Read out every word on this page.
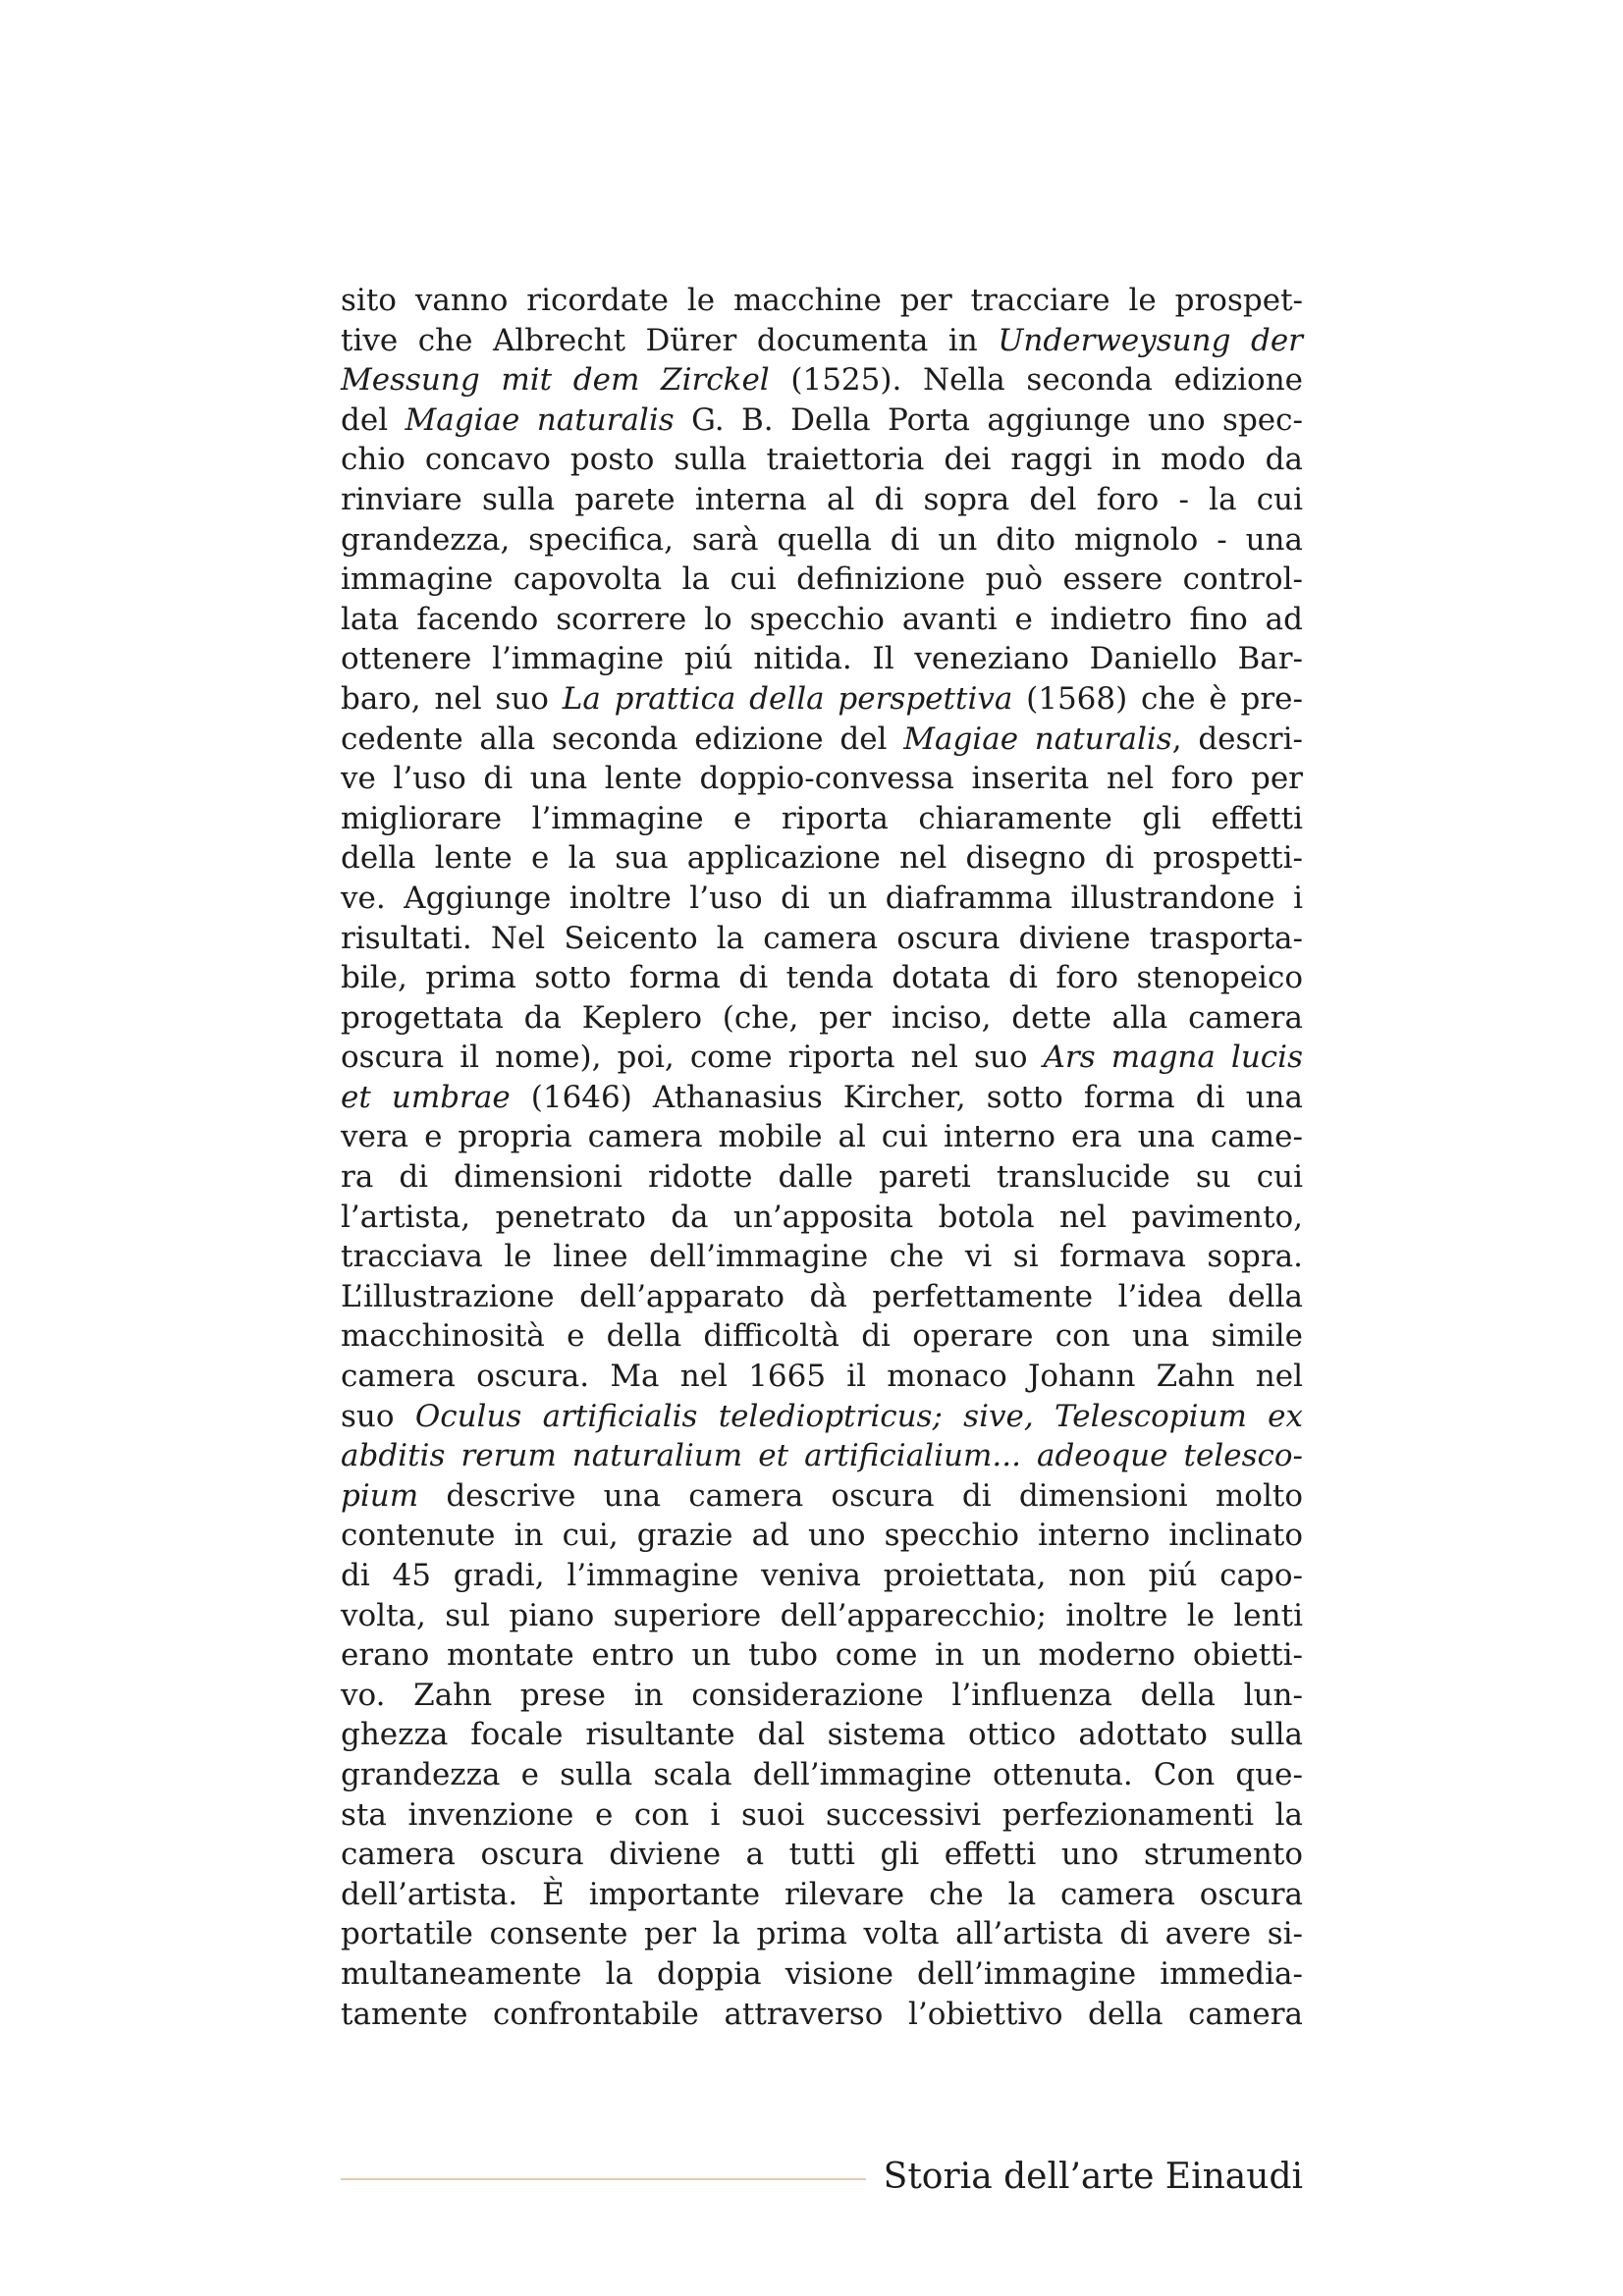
sito vanno ricordate le macchine per tracciare le prospet-
tive che Albrecht Dürer documenta in Underweysung der
Messung mit dem Zirckel (1525). Nella seconda edizione
del Magiae naturalis G. B. Della Porta aggiunge uno spec-
chio concavo posto sulla traiettoria dei raggi in modo da
rinviare sulla parete interna al di sopra del foro - la cui
grandezza, specifica, sarà quella di un dito mignolo - una
immagine capovolta la cui definizione può essere control-
lata facendo scorrere lo specchio avanti e indietro fino ad
ottenere l’immagine piú nitida. Il veneziano Daniello Bar-
baro, nel suo La prattica della perspettiva (1568) che è pre-
cedente alla seconda edizione del Magiae naturalis, descri-
ve l’uso di una lente doppio-convessa inserita nel foro per
migliorare l’immagine e riporta chiaramente gli effetti
della lente e la sua applicazione nel disegno di prospetti-
ve. Aggiunge inoltre l’uso di un diaframma illustrandone i
risultati. Nel Seicento la camera oscura diviene trasporta-
bile, prima sotto forma di tenda dotata di foro stenopeico
progettata da Keplero (che, per inciso, dette alla camera
oscura il nome), poi, come riporta nel suo Ars magna lucis
et umbrae (1646) Athanasius Kircher, sotto forma di una
vera e propria camera mobile al cui interno era una came-
ra di dimensioni ridotte dalle pareti translucide su cui
l’artista, penetrato da un’apposita botola nel pavimento,
tracciava le linee dell’immagine che vi si formava sopra.
L’illustrazione dell’apparato dà perfettamente l’idea della
macchinosità e della difficoltà di operare con una simile
camera oscura. Ma nel 1665 il monaco Johann Zahn nel
suo Oculus artificialis teledioptricus; sive, Telescopium ex
abditis rerum naturalium et artificialium... adeoque telesco-
pium descrive una camera oscura di dimensioni molto
contenute in cui, grazie ad uno specchio interno inclinato
di 45 gradi, l’immagine veniva proiettata, non piú capo-
volta, sul piano superiore dell’apparecchio; inoltre le lenti
erano montate entro un tubo come in un moderno obietti-
vo. Zahn prese in considerazione l’influenza della lun-
ghezza focale risultante dal sistema ottico adottato sulla
grandezza e sulla scala dell’immagine ottenuta. Con que-
sta invenzione e con i suoi successivi perfezionamenti la
camera oscura diviene a tutti gli effetti uno strumento
dell’artista. È importante rilevare che la camera oscura
portatile consente per la prima volta all’artista di avere si-
multaneamente la doppia visione dell’immagine immedia-
tamente confrontabile attraverso l’obiettivo della camera
Storia dell’arte Einaudi
